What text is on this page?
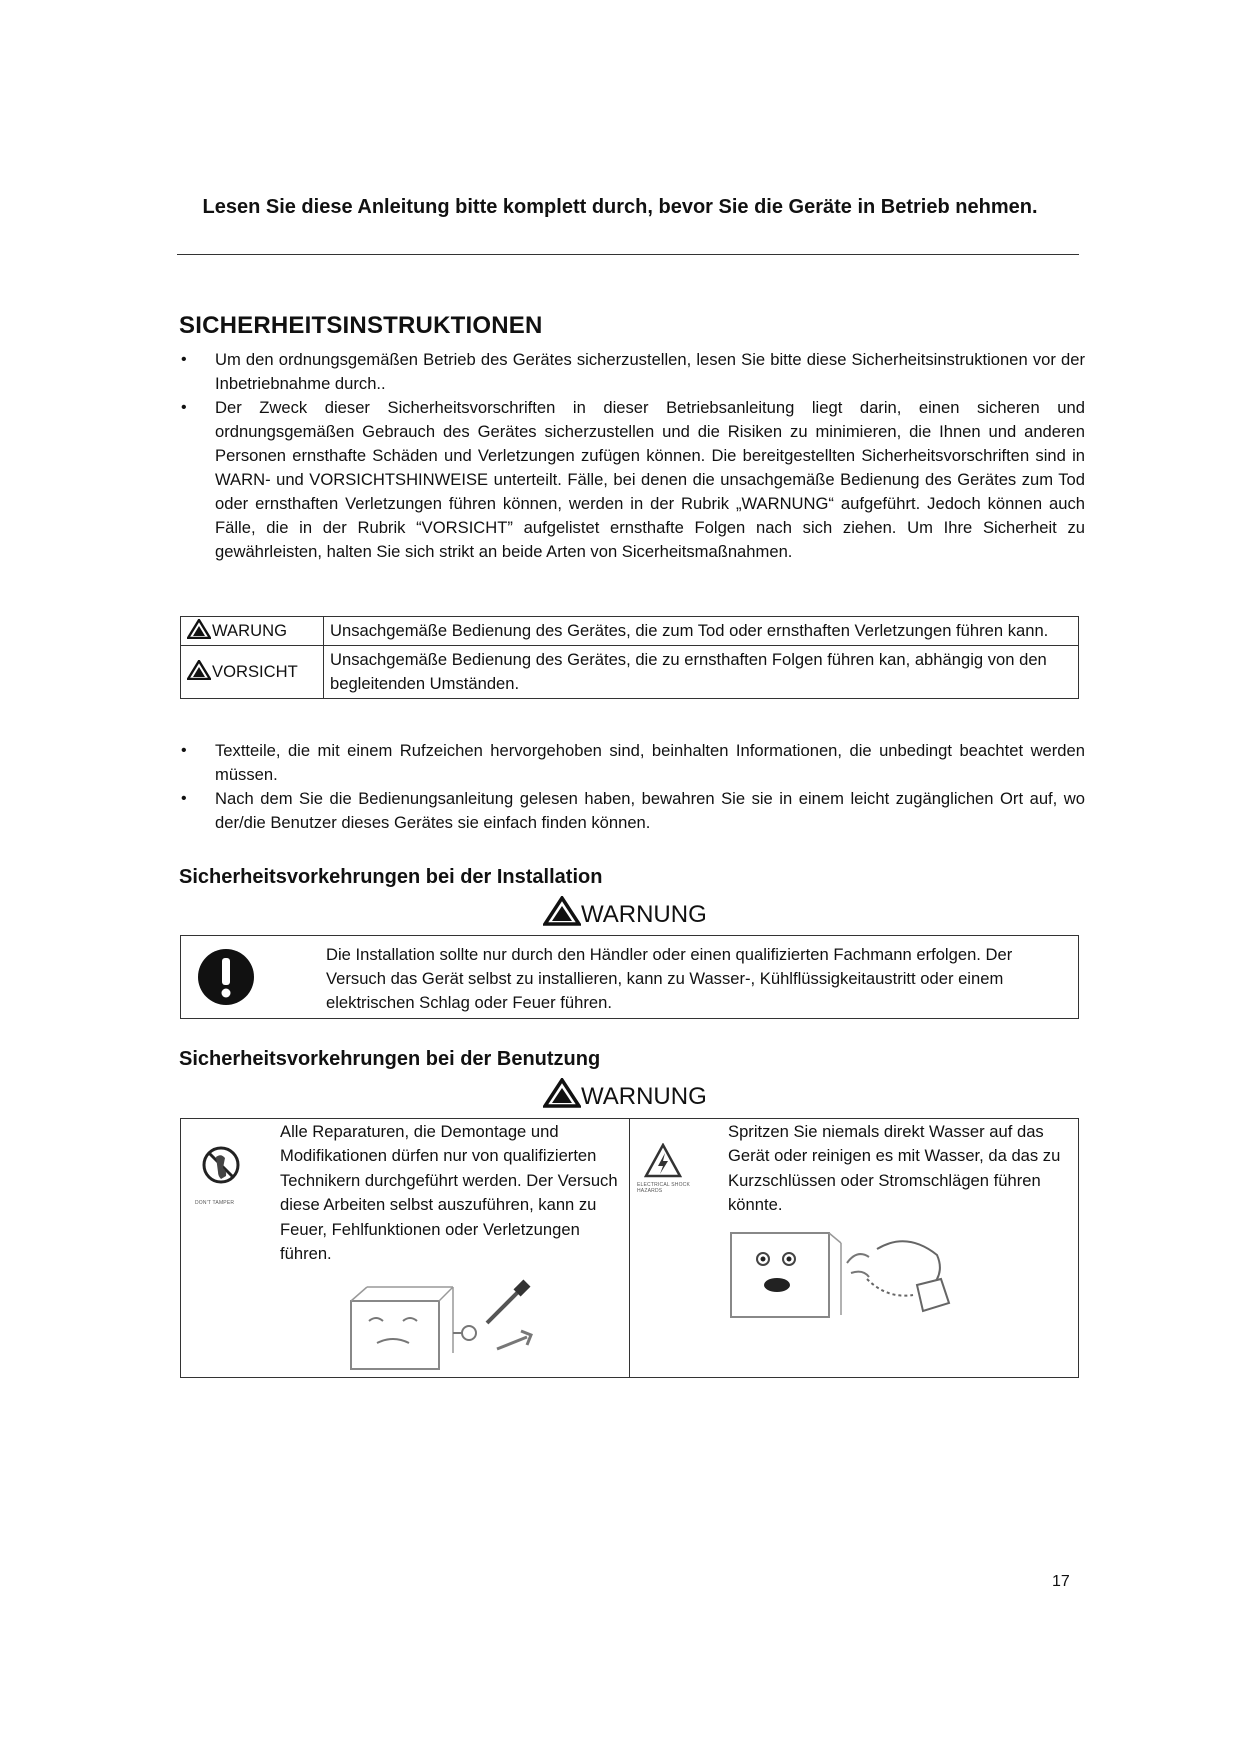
Lesen Sie diese Anleitung bitte komplett durch, bevor Sie die Geräte in Betrieb nehmen.
SICHERHEITSINSTRUKTIONEN
• Um den ordnungsgemäßen Betrieb des Gerätes sicherzustellen, lesen Sie bitte diese Sicherheitsinstruktionen vor der Inbetriebnahme durch..
• Der Zweck dieser Sicherheitsvorschriften in dieser Betriebsanleitung liegt darin, einen sicheren und ordnungsgemäßen Gebrauch des Gerätes sicherzustellen und die Risiken zu minimieren, die Ihnen und anderen Personen ernsthafte Schäden und Verletzungen zufügen können. Die bereitgestellten Sicherheitsvorschriften sind in WARN- und VORSICHTSHINWEISE unterteilt. Fälle, bei denen die unsachgemäße Bedienung des Gerätes zum Tod oder ernsthaften Verletzungen führen können, werden in der Rubrik „WARNUNG“ aufgeführt. Jedoch können auch Fälle, die in der Rubrik “VORSICHT” aufgelistet ernsthafte Folgen nach sich ziehen. Um Ihre Sicherheit zu gewährleisten, halten Sie sich strikt an beide Arten von Sicerheitsmaßnahmen.
WARUNG	Unsachgemäße Bedienung des Gerätes, die zum Tod oder ernsthaften Verletzungen führen kann.
VORSICHT	Unsachgemäße Bedienung des Gerätes, die zu ernsthaften Folgen führen kan, abhängig von den begleitenden Umständen.
• Textteile, die mit einem Rufzeichen hervorgehoben sind, beinhalten Informationen, die unbedingt beachtet werden müssen.
• Nach dem Sie die Bedienungsanleitung gelesen haben, bewahren Sie sie in einem leicht zugänglichen Ort auf, wo der/die Benutzer dieses Gerätes sie einfach finden können.
Sicherheitsvorkehrungen bei der Installation
WARNUNG
Die Installation sollte nur durch den Händler oder einen qualifizierten Fachmann erfolgen. Der Versuch das Gerät selbst zu installieren, kann zu Wasser-, Kühlflüssigkeitaustritt oder einem elektrischen Schlag oder Feuer führen.
Sicherheitsvorkehrungen bei der Benutzung
WARNUNG
DON'T TAMPER
Alle Reparaturen, die Demontage und Modifikationen dürfen nur von qualifizierten Technikern durchgeführt werden. Der Versuch diese Arbeiten selbst auszuführen, kann zu Feuer, Fehlfunktionen oder Verletzungen führen.
ELECTRICAL SHOCK HAZARDS
Spritzen Sie niemals direkt Wasser auf das Gerät oder reinigen es mit Wasser, da das zu Kurzschlüssen oder Stromschlägen führen könnte.
17
